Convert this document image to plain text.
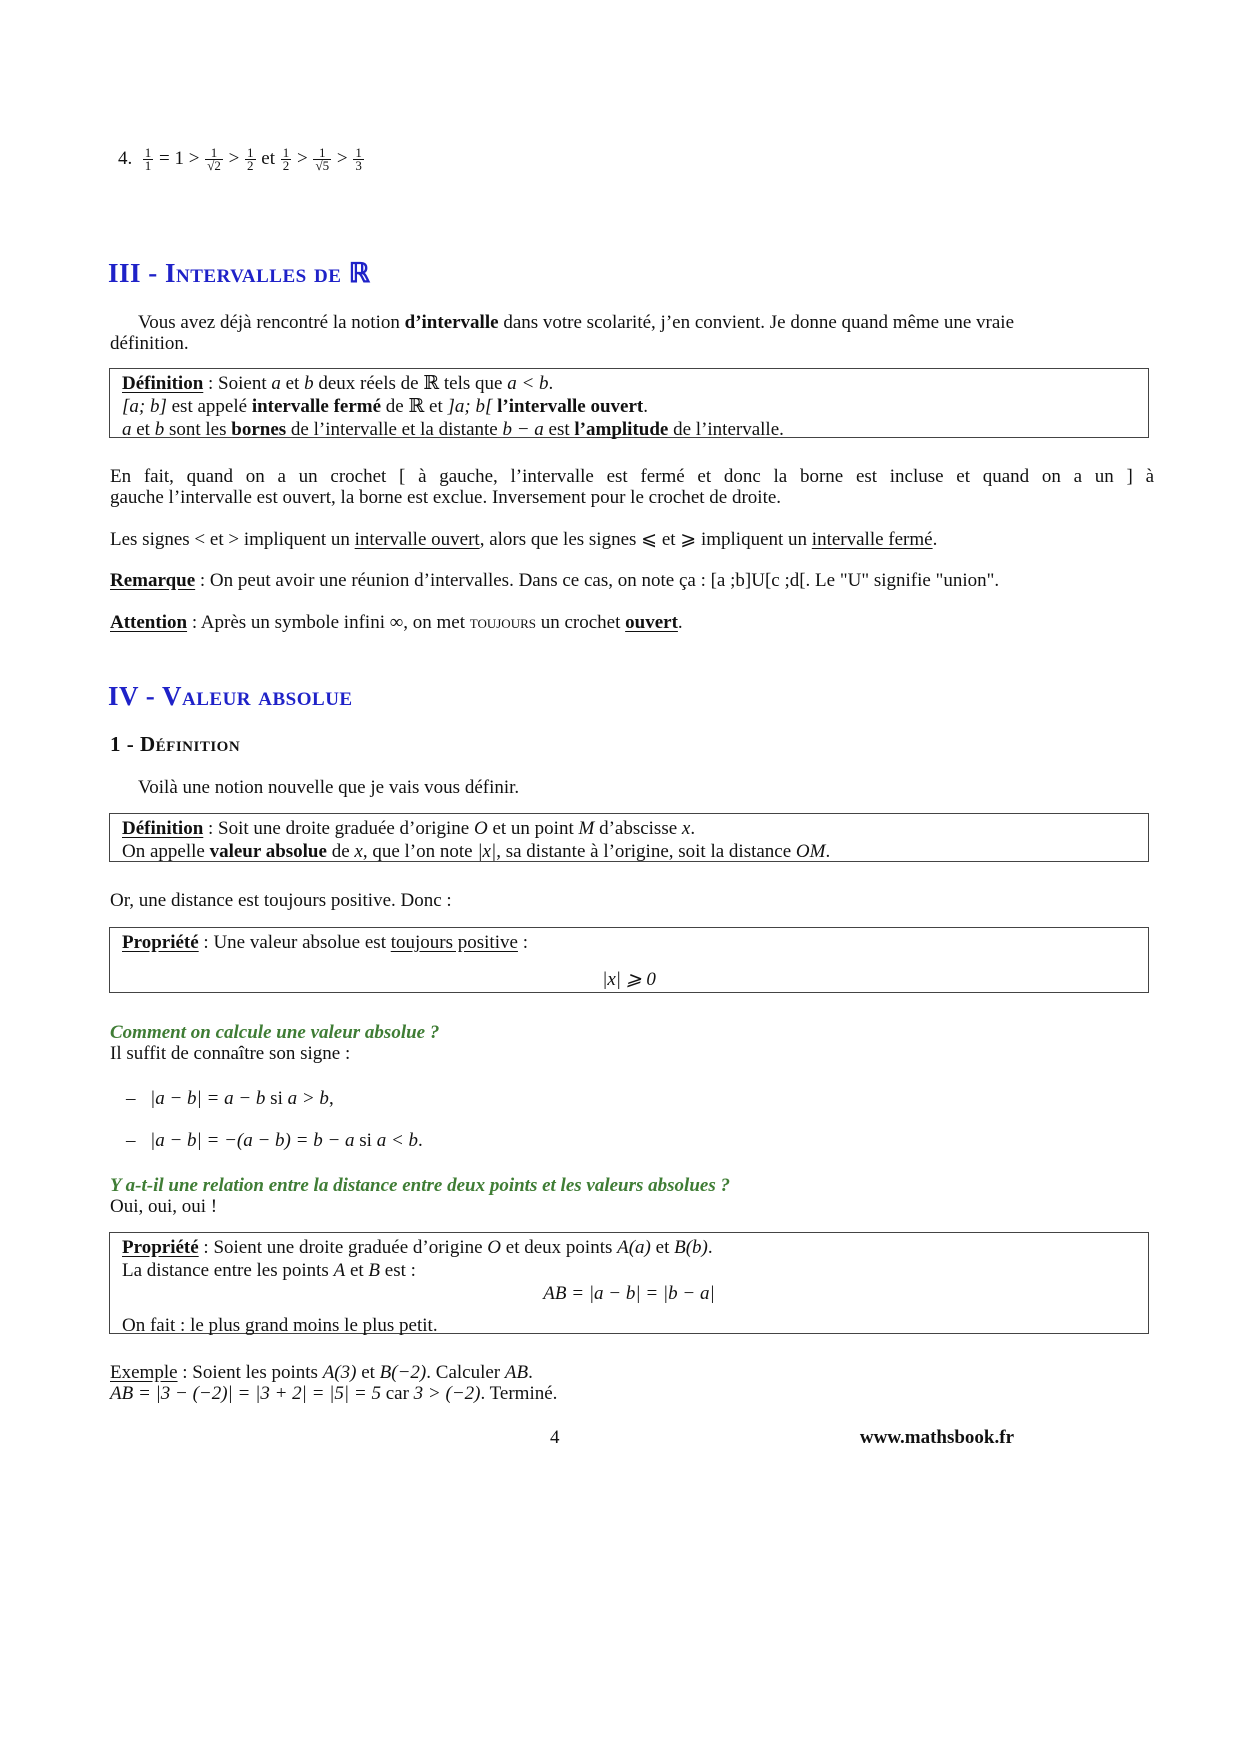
4. $\frac{1}{1} = 1 > \frac{1}{√2} > \frac{1}{2}$ et $\frac{1}{2} > \frac{1}{√5} > \frac{1}{3}$
III - Intervalles de ℝ
Vous avez déjà rencontré la notion d’intervalle dans votre scolarité, j’en convient. Je donne quand même une vraie
définition.
Définition : Soient a et b deux réels de ℝ tels que a < b.
[a; b] est appelé intervalle fermé de ℝ et ]a; b[ l’intervalle ouvert.
a et b sont les bornes de l’intervalle et la distante b − a est l’amplitude de l’intervalle.
En fait, quand on a un crochet [ à gauche, l’intervalle est fermé et donc la borne est incluse et quand on a un ] à
gauche l’intervalle est ouvert, la borne est exclue. Inversement pour le crochet de droite.
Les signes < et > impliquent un intervalle ouvert, alors que les signes ⩽ et ⩾ impliquent un intervalle fermé.
Remarque : On peut avoir une réunion d’intervalles. Dans ce cas, on note ça : [a ;b]U[c ;d[. Le "U" signifie "union".
Attention : Après un symbole infini ∞, on met toujours un crochet ouvert.
IV - Valeur absolue
1 - Définition
Voilà une notion nouvelle que je vais vous définir.
Définition : Soit une droite graduée d’origine O et un point M d’abscisse x.
On appelle valeur absolue de x, que l’on note |x|, sa distante à l’origine, soit la distance OM.
Or, une distance est toujours positive. Donc :
Propriété : Une valeur absolue est toujours positive :
|x| ⩾ 0
Comment on calcule une valeur absolue ?
Il suffit de connaître son signe :
– |a − b| = a − b si a > b,
– |a − b| = −(a − b) = b − a si a < b.
Y a-t-il une relation entre la distance entre deux points et les valeurs absolues ?
Oui, oui, oui !
Propriété : Soient une droite graduée d’origine O et deux points A(a) et B(b).
La distance entre les points A et B est :
AB = |a − b| = |b − a|
On fait : le plus grand moins le plus petit.
Exemple : Soient les points A(3) et B(−2). Calculer AB.
AB = |3 − (−2)| = |3 + 2| = |5| = 5 car 3 > (−2). Terminé.
4	www.mathsbook.fr
